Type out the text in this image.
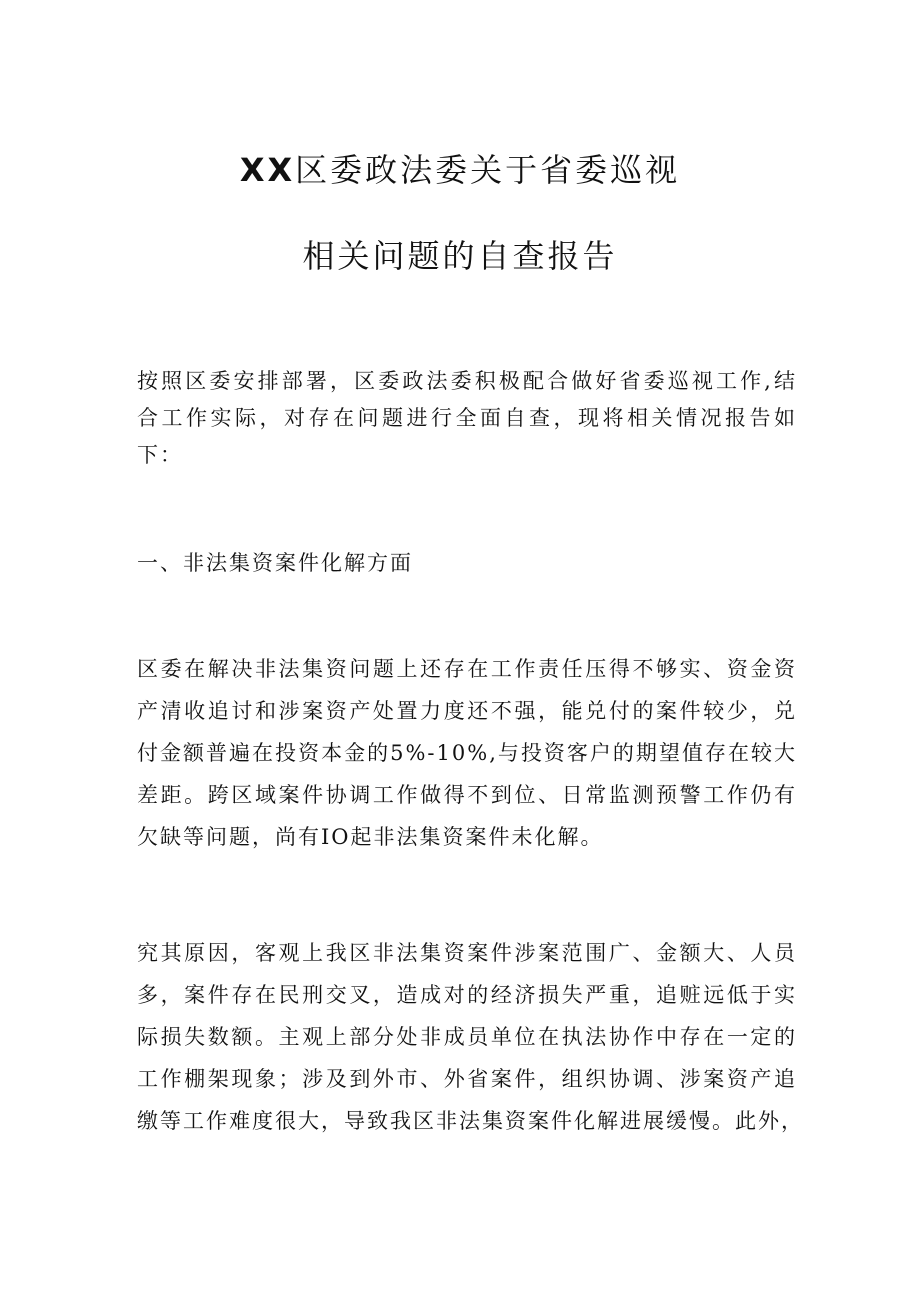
XX区委政法委关于省委巡视
相关问题的自查报告
按照区委安排部署，区委政法委积极配合做好省委巡视工作,结
合工作实际，对存在问题进行全面自查，现将相关情况报告如
下：
一、非法集资案件化解方面
区委在解决非法集资问题上还存在工作责任压得不够实、资金资
产清收追讨和涉案资产处置力度还不强，能兑付的案件较少，兑
付金额普遍在投资本金的5%-10%,与投资客户的期望值存在较大
差距。跨区域案件协调工作做得不到位、日常监测预警工作仍有
欠缺等问题，尚有IO起非法集资案件未化解。
究其原因，客观上我区非法集资案件涉案范围广、金额大、人员
多，案件存在民刑交叉，造成对的经济损失严重，追赃远低于实
际损失数额。主观上部分处非成员单位在执法协作中存在一定的
工作棚架现象；涉及到外市、外省案件，组织协调、涉案资产追
缴等工作难度很大，导致我区非法集资案件化解进展缓慢。此外，
